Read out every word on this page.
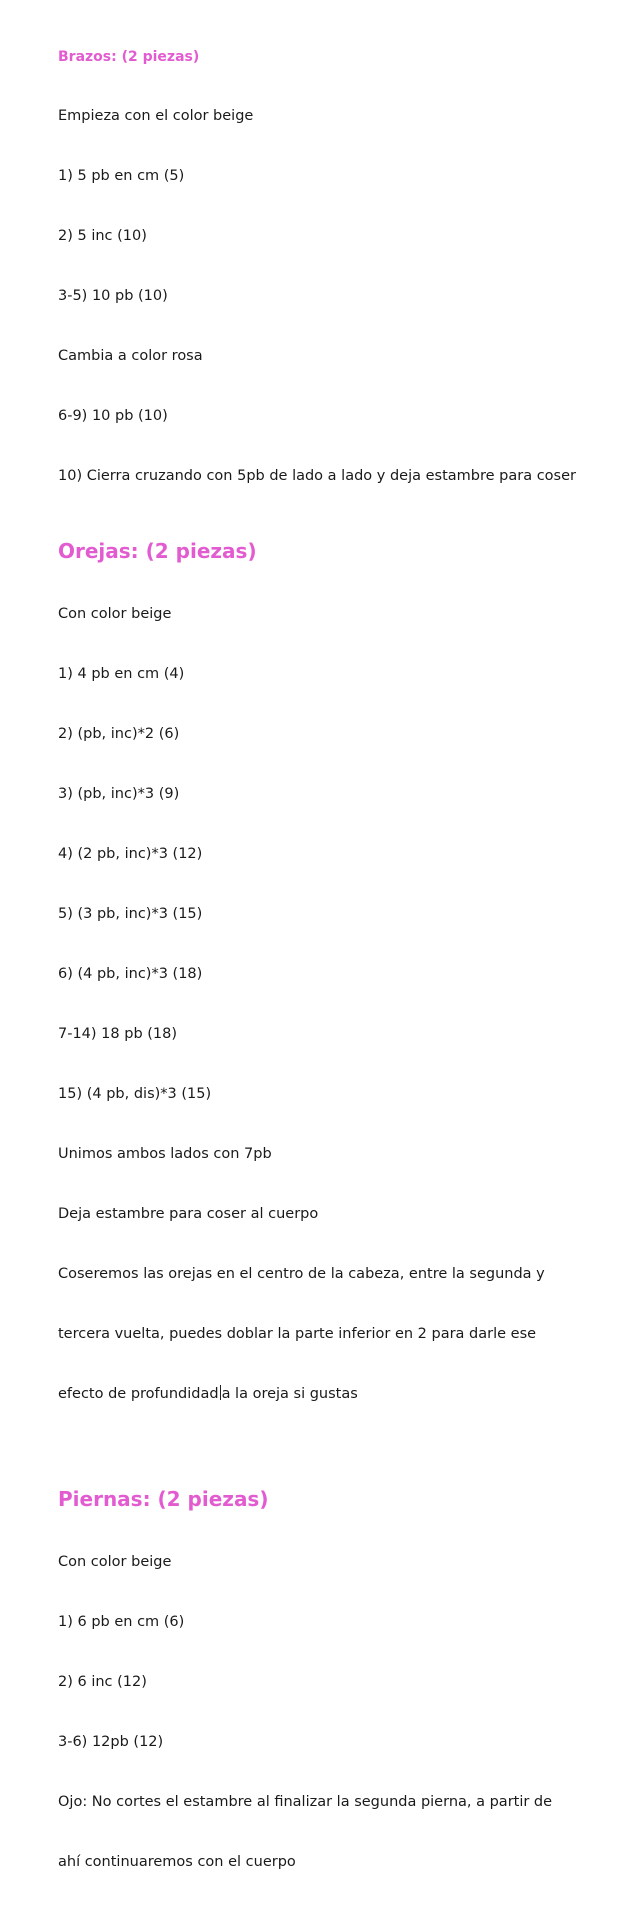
Brazos: (2 piezas)

Empieza con el color beige

1) 5 pb en cm (5)

2) 5 inc (10)

3-5) 10 pb (10)

Cambia a color rosa

6-9) 10 pb (10)

10) Cierra cruzando con 5pb de lado a lado y deja estambre para coser

Orejas: (2 piezas)

Con color beige

1) 4 pb en cm (4)

2) (pb, inc)*2 (6)

3) (pb, inc)*3 (9)

4) (2 pb, inc)*3 (12)

5) (3 pb, inc)*3 (15)

6) (4 pb, inc)*3 (18)

7-14) 18 pb (18)

15) (4 pb, dis)*3 (15)

Unimos ambos lados con 7pb

Deja estambre para coser al cuerpo

Coseremos las orejas en el centro de la cabeza, entre la segunda y

tercera vuelta, puedes doblar la parte inferior en 2 para darle ese

efecto de profundidad a la oreja si gustas

Piernas: (2 piezas)

Con color beige

1) 6 pb en cm (6)

2) 6 inc (12)

3-6) 12pb (12)

Ojo: No cortes el estambre al finalizar la segunda pierna, a partir de

ahí continuaremos con el cuerpo
